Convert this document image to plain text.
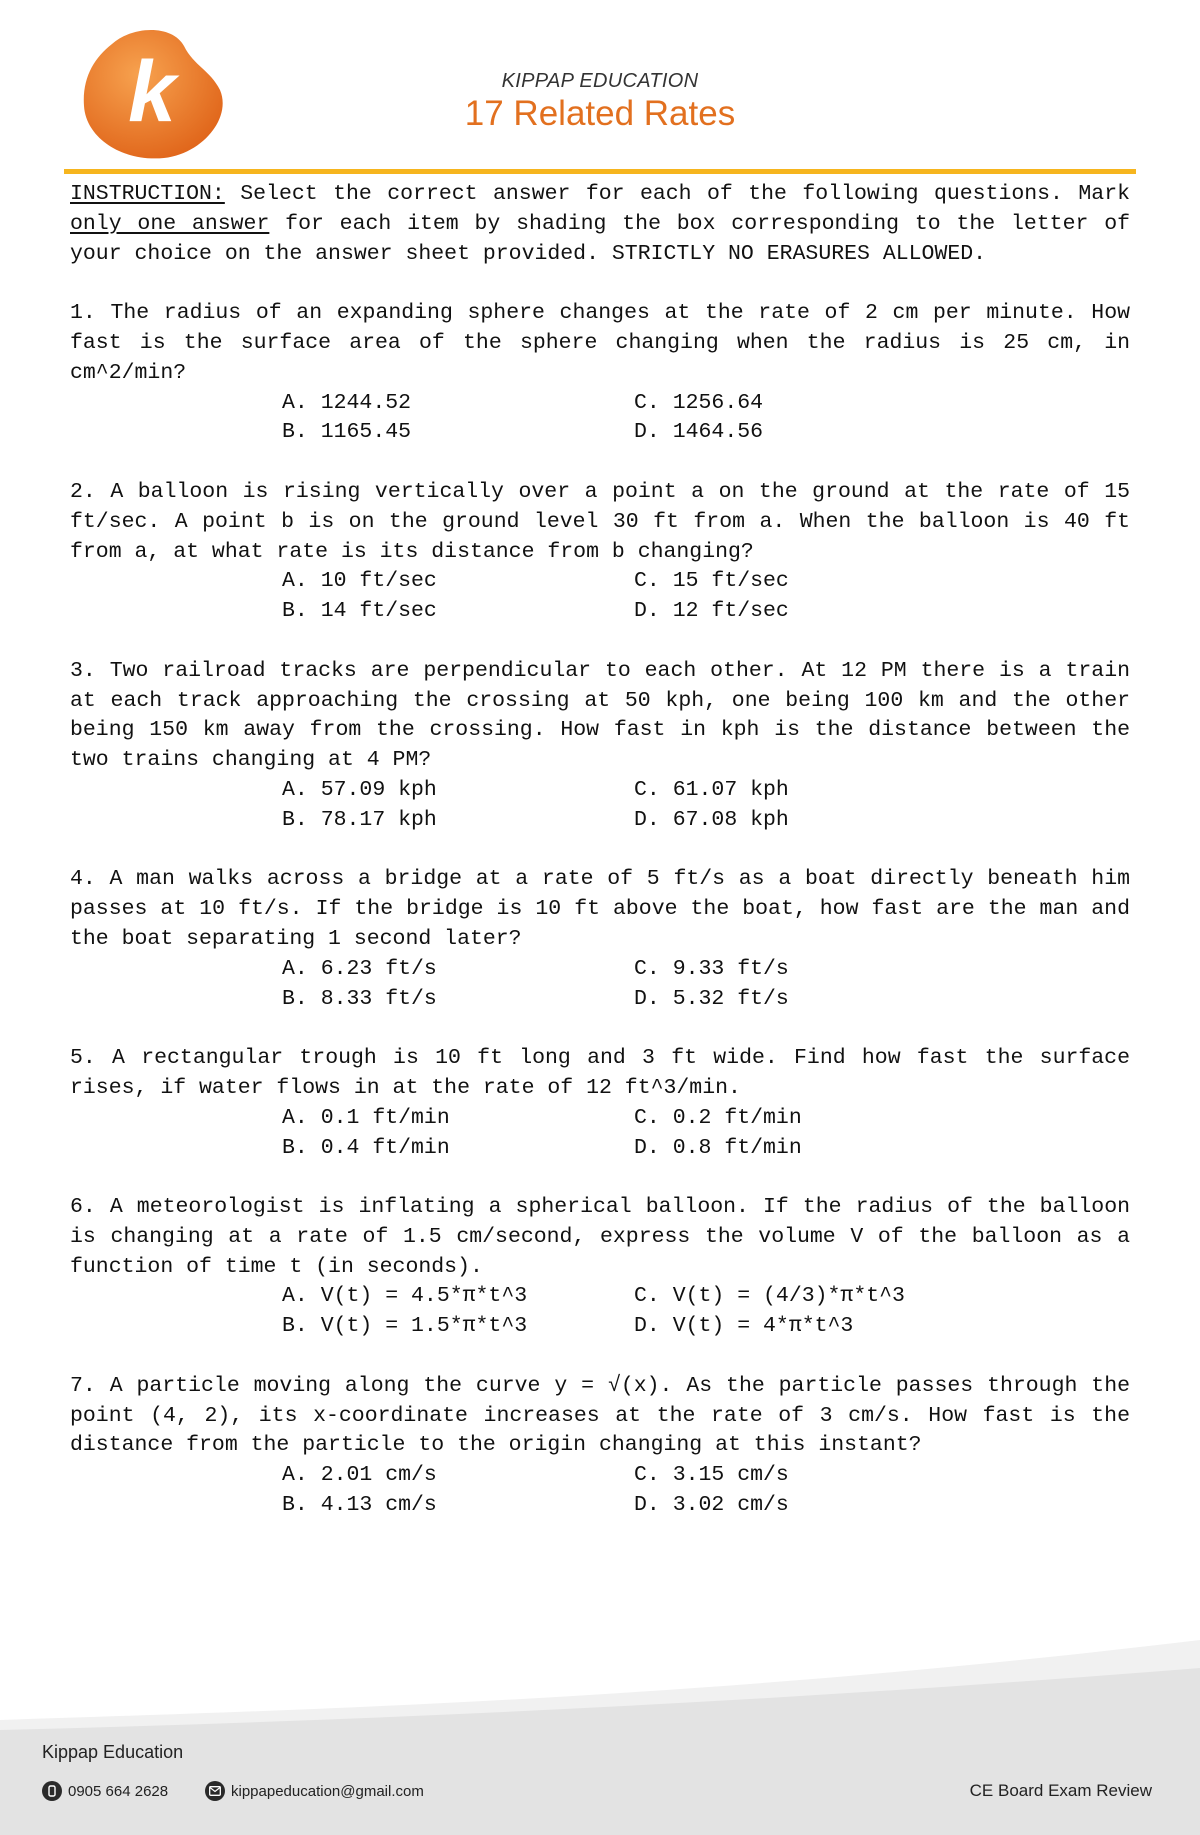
k	KIPPAP EDUCATION
17 Related Rates

INSTRUCTION: Select the correct answer for each of the following questions. Mark only one answer for each item by shading the box corresponding to the letter of your choice on the answer sheet provided. STRICTLY NO ERASURES ALLOWED.

1. The radius of an expanding sphere changes at the rate of 2 cm per minute. How fast is the surface area of the sphere changing when the radius is 25 cm, in cm^2/min?

A. 1244.52	C. 1256.64
B. 1165.45	D. 1464.56

2. A balloon is rising vertically over a point a on the ground at the rate of 15 ft/sec. A point b is on the ground level 30 ft from a. When the balloon is 40 ft from a, at what rate is its distance from b changing?

A. 10 ft/sec	C. 15 ft/sec
B. 14 ft/sec	D. 12 ft/sec

3. Two railroad tracks are perpendicular to each other. At 12 PM there is a train at each track approaching the crossing at 50 kph, one being 100 km and the other being 150 km away from the crossing. How fast in kph is the distance between the two trains changing at 4 PM?

A. 57.09 kph	C. 61.07 kph
B. 78.17 kph	D. 67.08 kph

4. A man walks across a bridge at a rate of 5 ft/s as a boat directly beneath him passes at 10 ft/s. If the bridge is 10 ft above the boat, how fast are the man and the boat separating 1 second later?

A. 6.23 ft/s	C. 9.33 ft/s
B. 8.33 ft/s	D. 5.32 ft/s

5. A rectangular trough is 10 ft long and 3 ft wide. Find how fast the surface rises, if water flows in at the rate of 12 ft^3/min.

A. 0.1 ft/min	C. 0.2 ft/min
B. 0.4 ft/min	D. 0.8 ft/min

6. A meteorologist is inflating a spherical balloon. If the radius of the balloon is changing at a rate of 1.5 cm/second, express the volume V of the balloon as a function of time t (in seconds).

A. V(t) = 4.5*π*t^3	C. V(t) = (4/3)*π*t^3
B. V(t) = 1.5*π*t^3	D. V(t) = 4*π*t^3

7. A particle moving along the curve y = √(x). As the particle passes through the point (4, 2), its x-coordinate increases at the rate of 3 cm/s. How fast is the distance from the particle to the origin changing at this instant?

A. 2.01 cm/s	C. 3.15 cm/s
B. 4.13 cm/s	D. 3.02 cm/s
Kippap Education
0905 664 2628	kippapeducation@gmail.com	CE Board Exam Review
